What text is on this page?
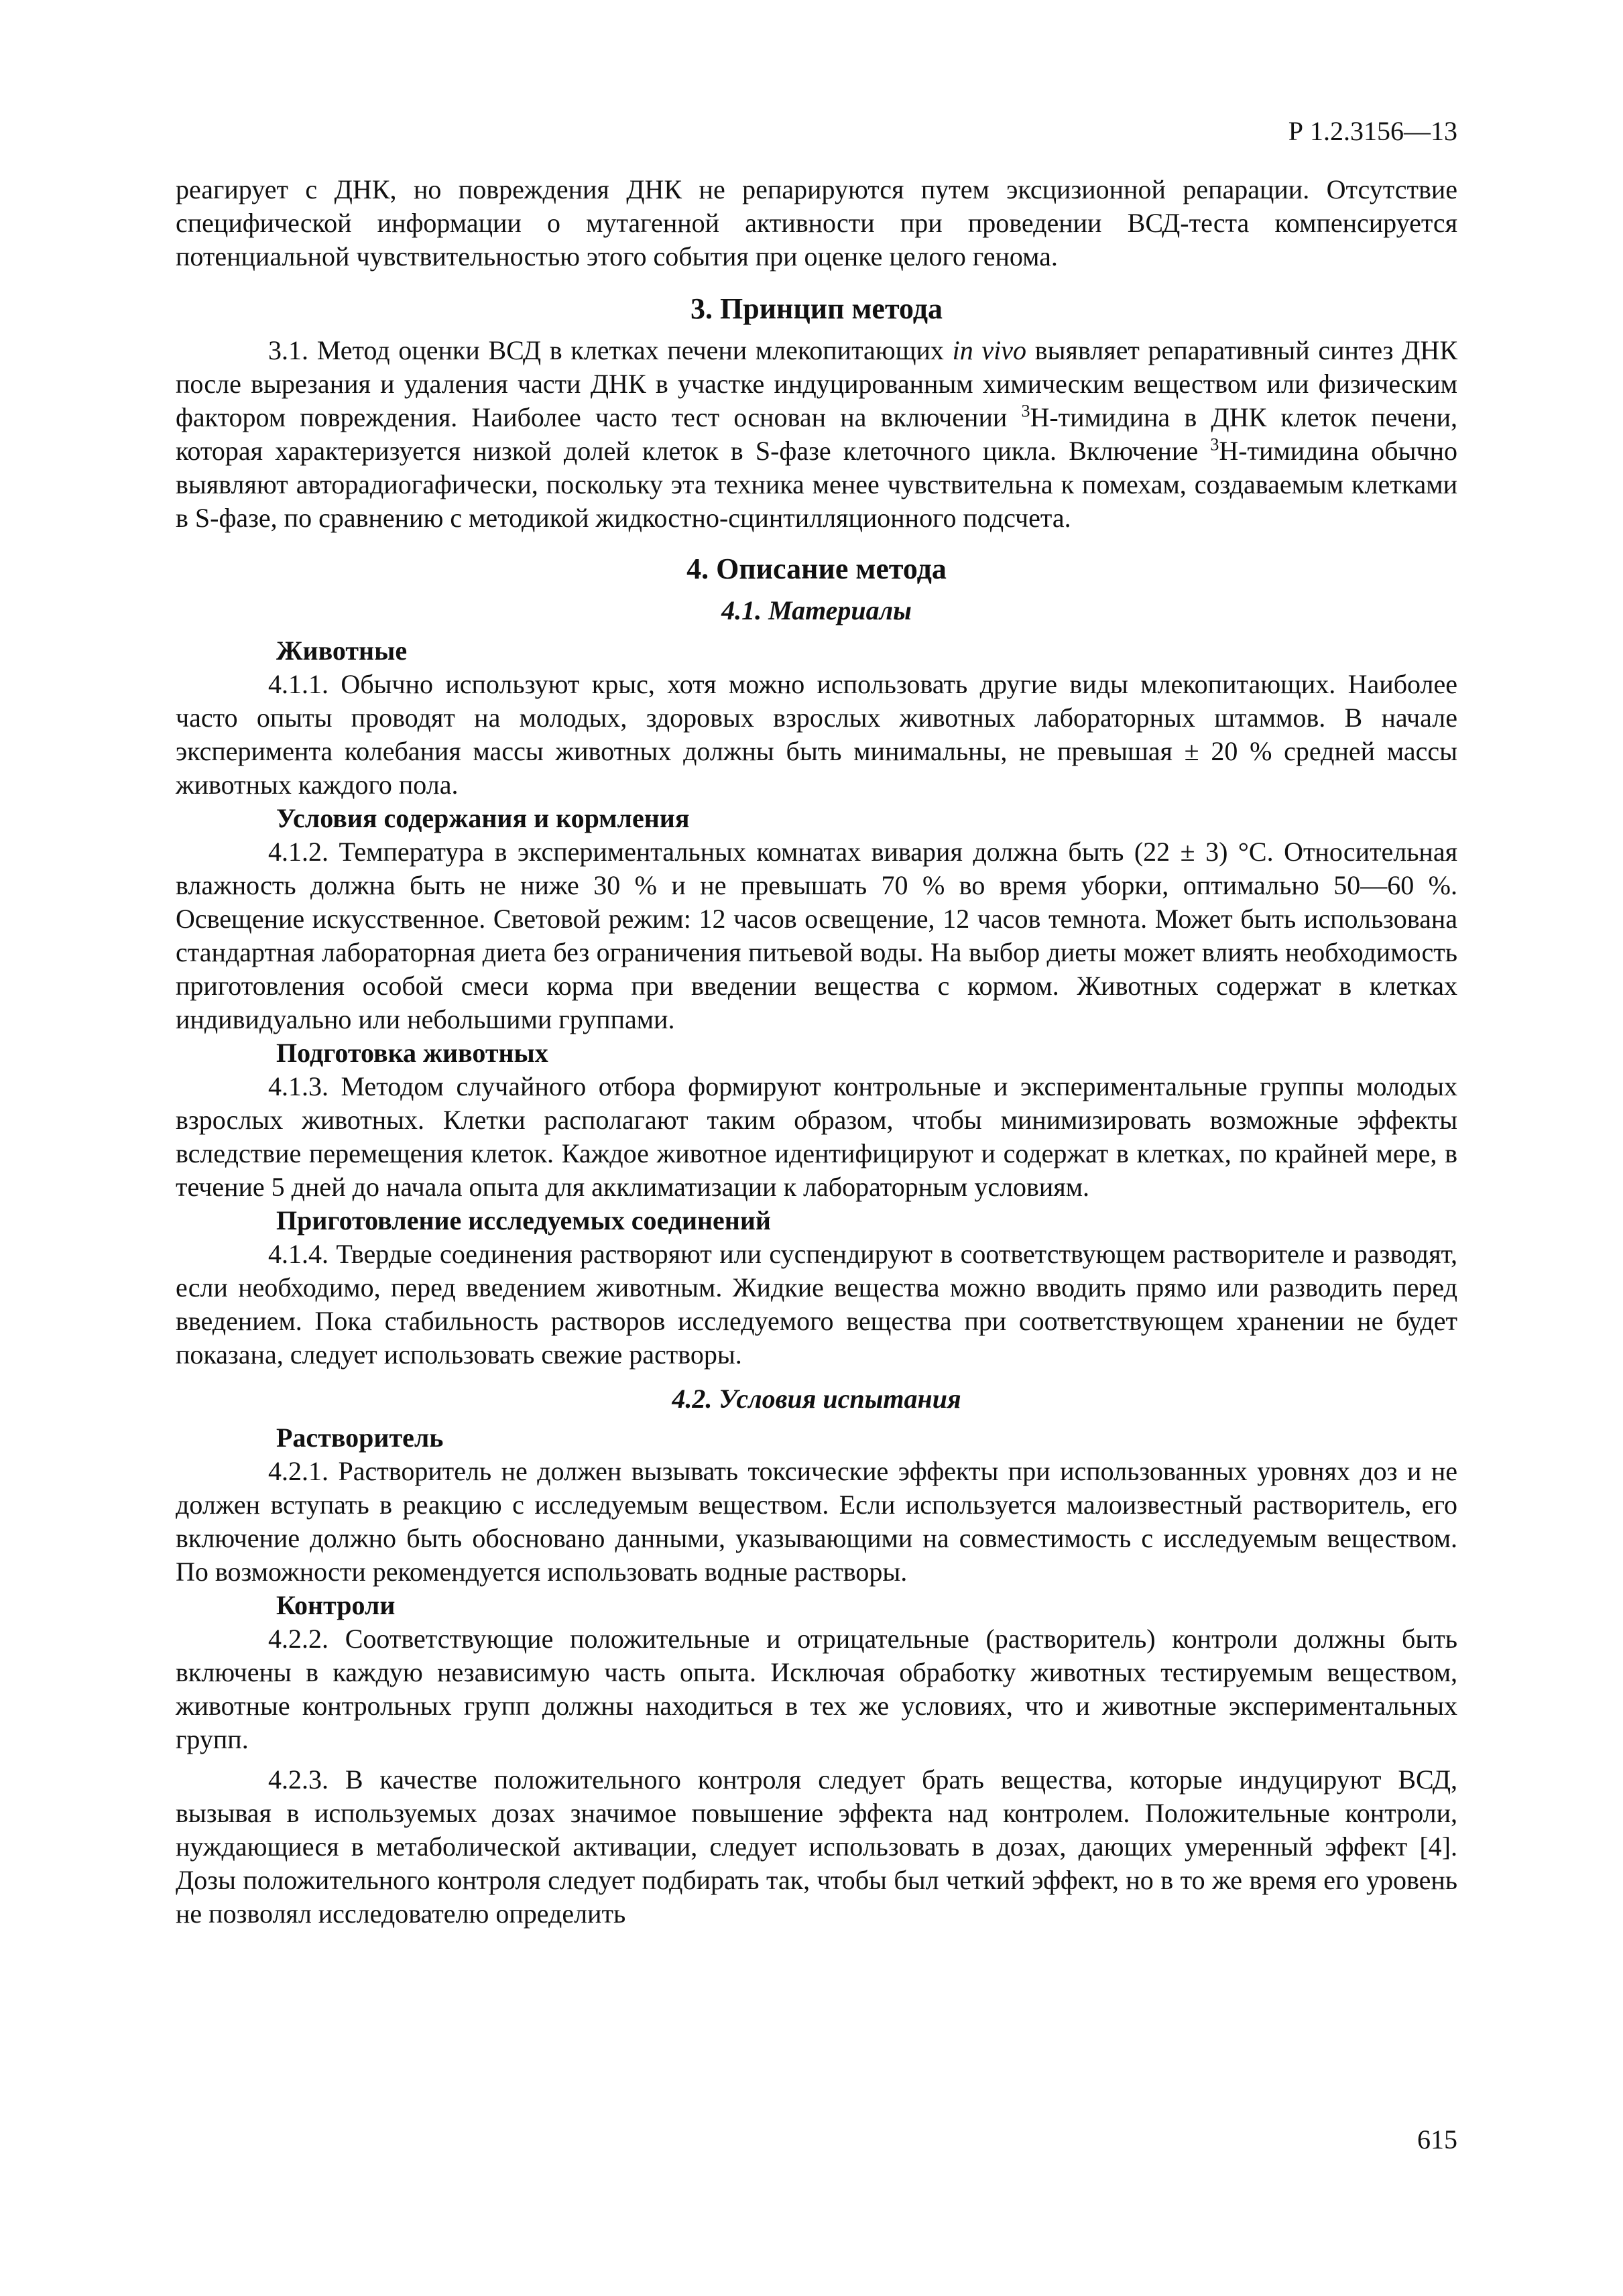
Р 1.2.3156—13

реагирует с ДНК, но повреждения ДНК не репарируются путем эксцизионной репарации. Отсутствие специфической информации о мутагенной активности при проведении ВСД-теста компенсируется потенциальной чувствительностью этого события при оценке целого генома.

3. Принцип метода

3.1. Метод оценки ВСД в клетках печени млекопитающих in vivo выявляет репаративный синтез ДНК после вырезания и удаления части ДНК в участке индуцированным химическим веществом или физическим фактором повреждения. Наиболее часто тест основан на включении $^3$Н-тимидина в ДНК клеток печени, которая характеризуется низкой долей клеток в S-фазе клеточного цикла. Включение $^3$Н-тимидина обычно выявляют авторадиогафически, поскольку эта техника менее чувствительна к помехам, создаваемым клетками в S-фазе, по сравнению с методикой жидкостно-сцинтилляционного подсчета.

4. Описание метода
4.1. Материалы
Животные

4.1.1. Обычно используют крыс, хотя можно использовать другие виды млекопитающих. Наиболее часто опыты проводят на молодых, здоровых взрослых животных лабораторных штаммов. В начале эксперимента колебания массы животных должны быть минимальны, не превышая ± 20 % средней массы животных каждого пола.

Условия содержания и кормления

4.1.2. Температура в экспериментальных комнатах вивария должна быть (22 ± 3) °С. Относительная влажность должна быть не ниже 30 % и не превышать 70 % во время уборки, оптимально 50—60 %. Освещение искусственное. Световой режим: 12 часов освещение, 12 часов темнота. Может быть использована стандартная лабораторная диета без ограничения питьевой воды. На выбор диеты может влиять необходимость приготовления особой смеси корма при введении вещества с кормом. Животных содержат в клетках индивидуально или небольшими группами.

Подготовка животных

4.1.3. Методом случайного отбора формируют контрольные и экспериментальные группы молодых взрослых животных. Клетки располагают таким образом, чтобы минимизировать возможные эффекты вследствие перемещения клеток. Каждое животное идентифицируют и содержат в клетках, по крайней мере, в течение 5 дней до начала опыта для акклиматизации к лабораторным условиям.

Приготовление исследуемых соединений

4.1.4. Твердые соединения растворяют или суспендируют в соответствующем растворителе и разводят, если необходимо, перед введением животным. Жидкие вещества можно вводить прямо или разводить перед введением. Пока стабильность растворов исследуемого вещества при соответствующем хранении не будет показана, следует использовать свежие растворы.

4.2. Условия испытания
Растворитель

4.2.1. Растворитель не должен вызывать токсические эффекты при использованных уровнях доз и не должен вступать в реакцию с исследуемым веществом. Если используется малоизвестный растворитель, его включение должно быть обосновано данными, указывающими на совместимость с исследуемым веществом. По возможности рекомендуется использовать водные растворы.

Контроли

4.2.2. Соответствующие положительные и отрицательные (растворитель) контроли должны быть включены в каждую независимую часть опыта. Исключая обработку животных тестируемым веществом, животные контрольных групп должны находиться в тех же условиях, что и животные экспериментальных групп.

4.2.3. В качестве положительного контроля следует брать вещества, которые индуцируют ВСД, вызывая в используемых дозах значимое повышение эффекта над контролем. Положительные контроли, нуждающиеся в метаболической активации, следует использовать в дозах, дающих умеренный эффект [4]. Дозы положительного контроля следует подбирать так, чтобы был четкий эффект, но в то же время его уровень не позволял исследователю определить

615
